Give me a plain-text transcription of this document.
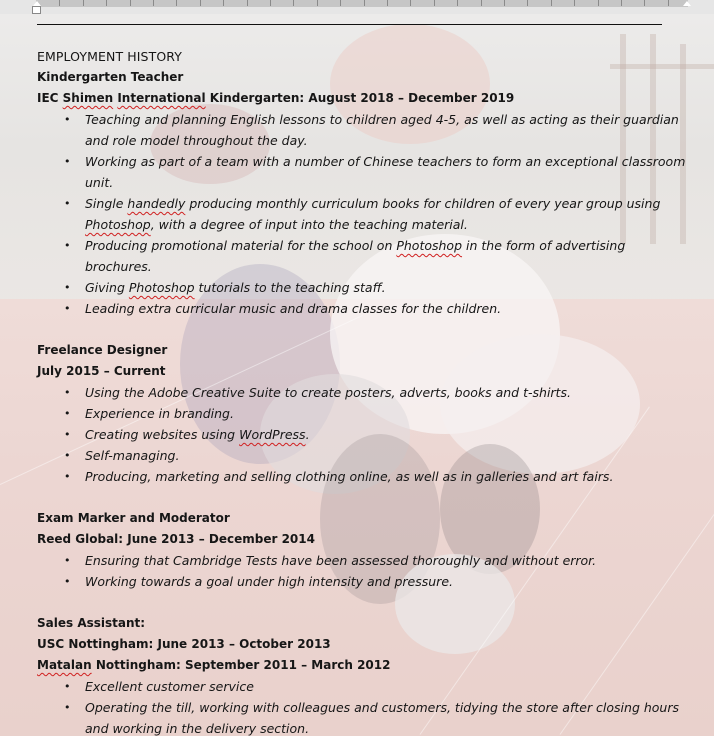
EMPLOYMENT HISTORY
Kindergarten Teacher
IEC Shimen International Kindergarten: August 2018 – December 2019
• Teaching and planning English lessons to children aged 4-5, as well as acting as their guardian and role model throughout the day.
• Working as part of a team with a number of Chinese teachers to form an exceptional classroom unit.
• Single handedly producing monthly curriculum books for children of every year group using Photoshop, with a degree of input into the teaching material.
• Producing promotional material for the school on Photoshop in the form of advertising brochures.
• Giving Photoshop tutorials to the teaching staff.
• Leading extra curricular music and drama classes for the children.
Freelance Designer
July 2015 – Current
• Using the Adobe Creative Suite to create posters, adverts, books and t-shirts.
• Experience in branding.
• Creating websites using WordPress.
• Self-managing.
• Producing, marketing and selling clothing online, as well as in galleries and art fairs.
Exam Marker and Moderator
Reed Global: June 2013 – December 2014
• Ensuring that Cambridge Tests have been assessed thoroughly and without error.
• Working towards a goal under high intensity and pressure.
Sales Assistant:
USC Nottingham: June 2013 – October 2013
Matalan Nottingham: September 2011 – March 2012
• Excellent customer service
• Operating the till, working with colleagues and customers, tidying the store after closing hours and working in the delivery section.
